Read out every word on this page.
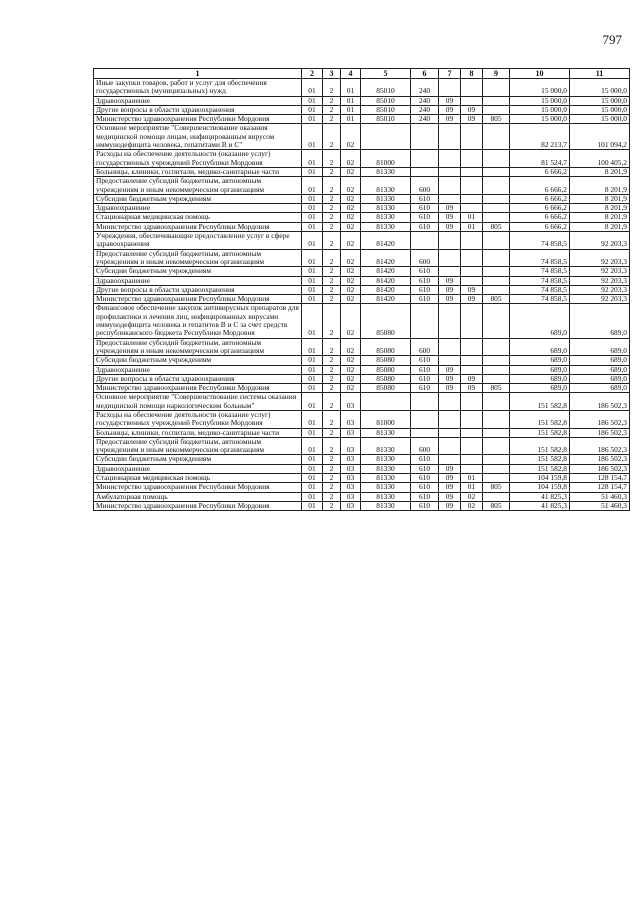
797
1	2	3	4	5	6	7	8	9	10	11
Иные закупки товаров, работ и услуг для обеспечения государственных (муниципальных) нужд	01	2	01	85010	240				15 000,0	15 000,0
Здравоохранение	01	2	01	85010	240	09			15 000,0	15 000,0
Другие вопросы в области здравоохранения	01	2	01	85010	240	09	09		15 000,0	15 000,0
Министерство здравоохранения Республики Мордовия	01	2	01	85010	240	09	09	805	15 000,0	15 000,0
Основное мероприятие "Совершенствование оказания медицинской помощи лицам, инфицированным вирусом иммунодефицита человека, гепатитами В и С"	01	2	02						82 213,7	101 094,2
Расходы на обеспечение деятельности (оказание услуг) государственных учреждений Республики Мордовия	01	2	02	81000					81 524,7	100 405,2
Больницы, клиники, госпитали, медико-санитарные части	01	2	02	81330					6 666,2	8 201,9
Предоставление субсидий бюджетным, автономным учреждениям и иным некоммерческим организациям	01	2	02	81330	600				6 666,2	8 201,9
Субсидии бюджетным учреждениям	01	2	02	81330	610				6 666,2	8 201,9
Здравоохранение	01	2	02	81330	610	09			6 666,2	8 201,9
Стационарная медицинская помощь	01	2	02	81330	610	09	01		6 666,2	8 201,9
Министерство здравоохранения Республики Мордовия	01	2	02	81330	610	09	01	805	6 666,2	8 201,9
Учреждения, обеспечивающие предоставление услуг в сфере здравоохранения	01	2	02	81420					74 858,5	92 203,3
Предоставление субсидий бюджетным, автономным учреждениям и иным некоммерческим организациям	01	2	02	81420	600				74 858,5	92 203,3
Субсидии бюджетным учреждениям	01	2	02	81420	610				74 858,5	92 203,3
Здравоохранение	01	2	02	81420	610	09			74 858,5	92 203,3
Другие вопросы в области здравоохранения	01	2	02	81420	610	09	09		74 858,5	92 203,3
Министерство здравоохранения Республики Мордовия	01	2	02	81420	610	09	09	805	74 858,5	92 203,3
Финансовое обеспечение закупок антивирусных препаратов для профилактики и лечения лиц, инфицированных вирусами иммунодефицита человека и гепатитов В и С за счет средств республиканского бюджета Республики Мордовия	01	2	02	85080					689,0	689,0
Предоставление субсидий бюджетным, автономным учреждениям и иным некоммерческим организациям	01	2	02	85080	600				689,0	689,0
Субсидии бюджетным учреждениям	01	2	02	85080	610				689,0	689,0
Здравоохранение	01	2	02	85080	610	09			689,0	689,0
Другие вопросы в области здравоохранения	01	2	02	85080	610	09	09		689,0	689,0
Министерство здравоохранения Республики Мордовия	01	2	02	85080	610	09	09	805	689,0	689,0
Основное мероприятие "Совершенствование системы оказания медицинской помощи наркологическим больным"	01	2	03						151 582,8	186 502,3
Расходы на обеспечение деятельности (оказание услуг) государственных учреждений Республики Мордовия	01	2	03	81000					151 582,8	186 502,3
Больницы, клиники, госпитали, медико-санитарные части	01	2	03	81330					151 582,8	186 502,3
Предоставление субсидий бюджетным, автономным учреждениям и иным некоммерческим организациям	01	2	03	81330	600				151 582,8	186 502,3
Субсидии бюджетным учреждениям	01	2	03	81330	610				151 582,8	186 502,3
Здравоохранение	01	2	03	81330	610	09			151 582,8	186 502,3
Стационарная медицинская помощь	01	2	03	81330	610	09	01		104 159,8	128 154,7
Министерство здравоохранения Республики Мордовия	01	2	03	81330	610	09	01	805	104 159,8	128 154,7
Амбулаторная помощь	01	2	03	81330	610	09	02		41 825,3	51 460,3
Министерство здравоохранения Республики Мордовия	01	2	03	81330	610	09	02	805	41 825,3	51 460,3
